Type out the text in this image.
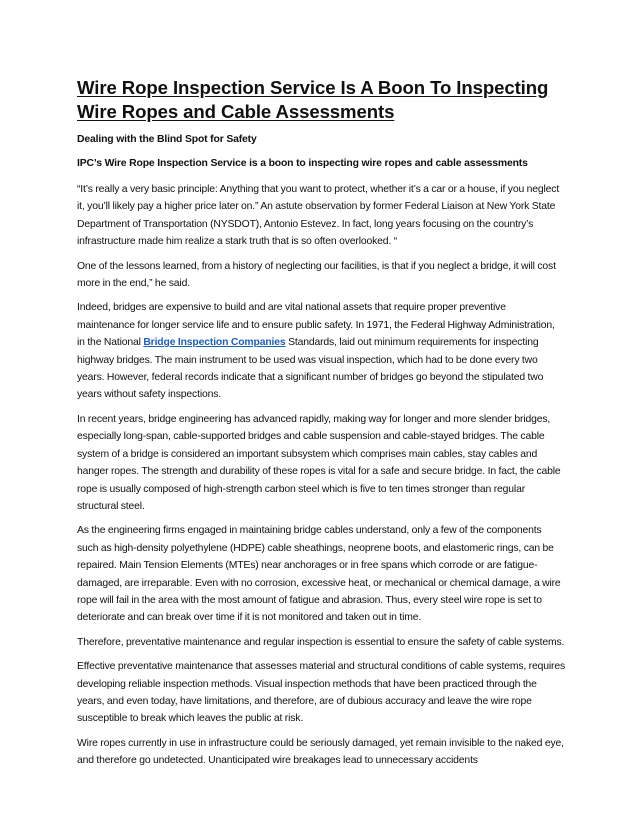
Wire Rope Inspection Service Is A Boon To Inspecting
Wire Ropes and Cable Assessments

Dealing with the Blind Spot for Safety

IPC’s Wire Rope Inspection Service is a boon to inspecting wire ropes and cable assessments

“It’s really a very basic principle: Anything that you want to protect, whether it’s a car or a house, if you neglect it, you’ll likely pay a higher price later on.” An astute observation by former Federal Liaison at New York State Department of Transportation (NYSDOT), Antonio Estevez. In fact, long years focusing on the country’s infrastructure made him realize a stark truth that is so often overlooked. “

One of the lessons learned, from a history of neglecting our facilities, is that if you neglect a bridge, it will cost more in the end,” he said.

Indeed, bridges are expensive to build and are vital national assets that require proper preventive maintenance for longer service life and to ensure public safety. In 1971, the Federal Highway Administration, in the National Bridge Inspection Companies Standards, laid out minimum requirements for inspecting highway bridges. The main instrument to be used was visual inspection, which had to be done every two years. However, federal records indicate that a significant number of bridges go beyond the stipulated two years without safety inspections.

In recent years, bridge engineering has advanced rapidly, making way for longer and more slender bridges, especially long-span, cable-supported bridges and cable suspension and cable-stayed bridges. The cable system of a bridge is considered an important subsystem which comprises main cables, stay cables and hanger ropes. The strength and durability of these ropes is vital for a safe and secure bridge. In fact, the cable rope is usually composed of high-strength carbon steel which is five to ten times stronger than regular structural steel.

As the engineering firms engaged in maintaining bridge cables understand, only a few of the components such as high-density polyethylene (HDPE) cable sheathings, neoprene boots, and elastomeric rings, can be repaired. Main Tension Elements (MTEs) near anchorages or in free spans which corrode or are fatigue-damaged, are irreparable. Even with no corrosion, excessive heat, or mechanical or chemical damage, a wire rope will fail in the area with the most amount of fatigue and abrasion. Thus, every steel wire rope is set to deteriorate and can break over time if it is not monitored and taken out in time.

Therefore, preventative maintenance and regular inspection is essential to ensure the safety of cable systems.

Effective preventative maintenance that assesses material and structural conditions of cable systems, requires developing reliable inspection methods. Visual inspection methods that have been practiced through the years, and even today, have limitations, and therefore, are of dubious accuracy and leave the wire rope susceptible to break which leaves the public at risk.

Wire ropes currently in use in infrastructure could be seriously damaged, yet remain invisible to the naked eye, and therefore go undetected. Unanticipated wire breakages lead to unnecessary accidents
